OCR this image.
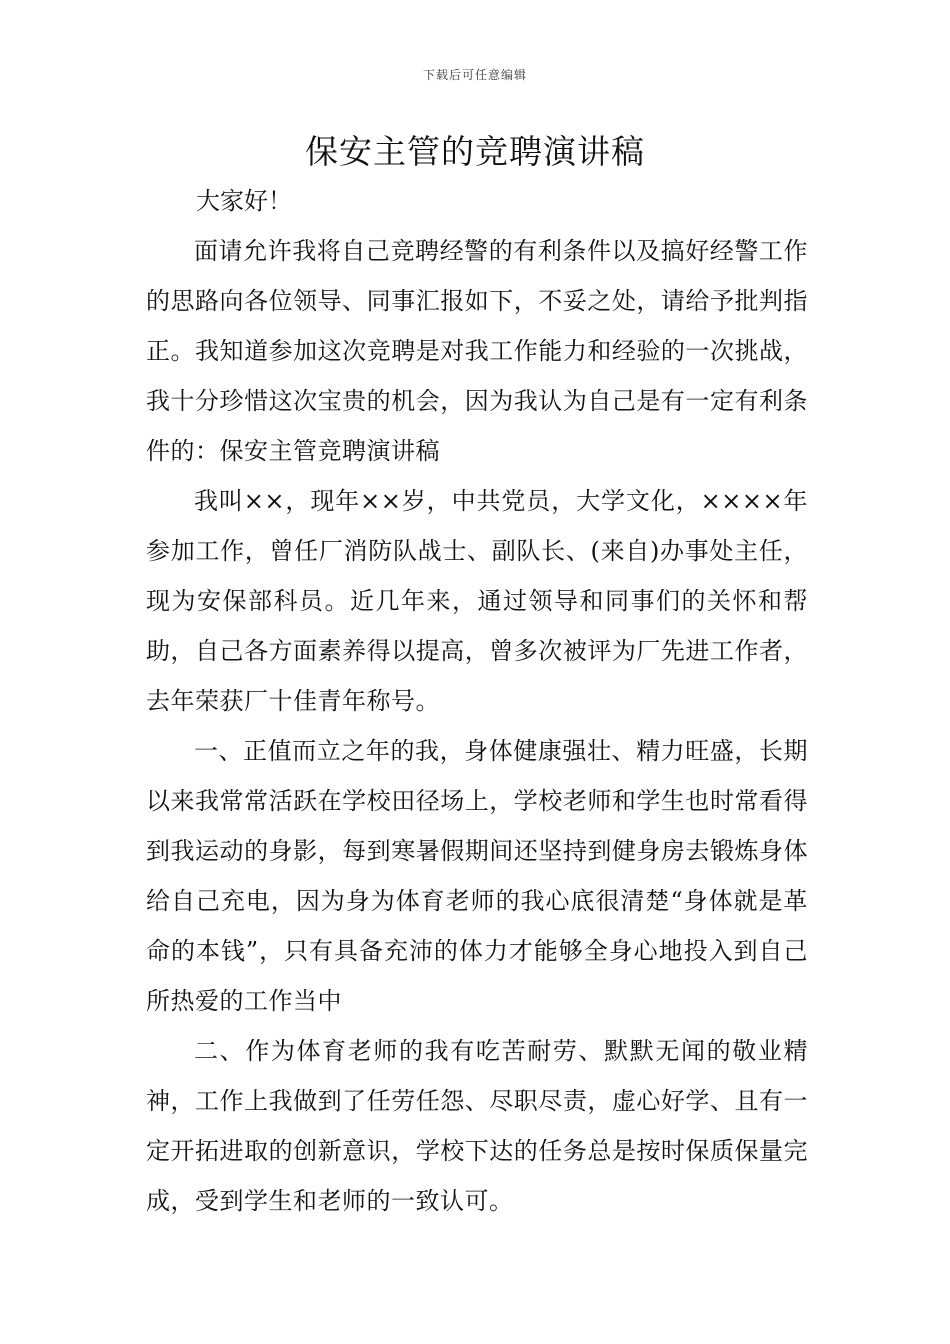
下载后可任意编辑
保安主管的竞聘演讲稿

大家好！

面请允许我将自己竞聘经警的有利条件以及搞好经警工作的思路向各位领导、同事汇报如下，不妥之处，请给予批判指正。我知道参加这次竞聘是对我工作能力和经验的一次挑战，我十分珍惜这次宝贵的机会，因为我认为自己是有一定有利条件的：保安主管竞聘演讲稿

我叫××，现年××岁，中共党员，大学文化，××××年参加工作，曾任厂消防队战士、副队长、(来自)办事处主任，现为安保部科员。近几年来，通过领导和同事们的关怀和帮助，自己各方面素养得以提高，曾多次被评为厂先进工作者，去年荣获厂十佳青年称号。

一、正值而立之年的我，身体健康强壮、精力旺盛，长期以来我常常活跃在学校田径场上，学校老师和学生也时常看得到我运动的身影，每到寒暑假期间还坚持到健身房去锻炼身体给自己充电，因为身为体育老师的我心底很清楚“身体就是革命的本钱”，只有具备充沛的体力才能够全身心地投入到自己所热爱的工作当中

二、作为体育老师的我有吃苦耐劳、默默无闻的敬业精神，工作上我做到了任劳任怨、尽职尽责，虚心好学、且有一定开拓进取的创新意识，学校下达的任务总是按时保质保量完成，受到学生和老师的一致认可。
